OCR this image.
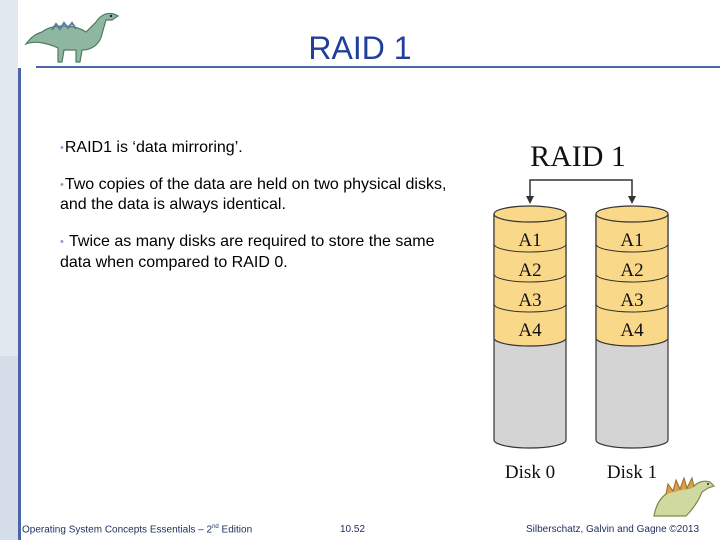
RAID 1

•RAID1 is ‘data mirroring’.

•Two copies of the data are held on two physical disks, and the data is always identical.

• Twice as many disks are required to store the same data when compared to RAID 0.

RAID 1
A1
A2
A3
A4
Disk 0
A1
A2
A3
A4
Disk 1
Operating System Concepts Essentials – 2nd Edition	10.52	Silberschatz, Galvin and Gagne ©2013
